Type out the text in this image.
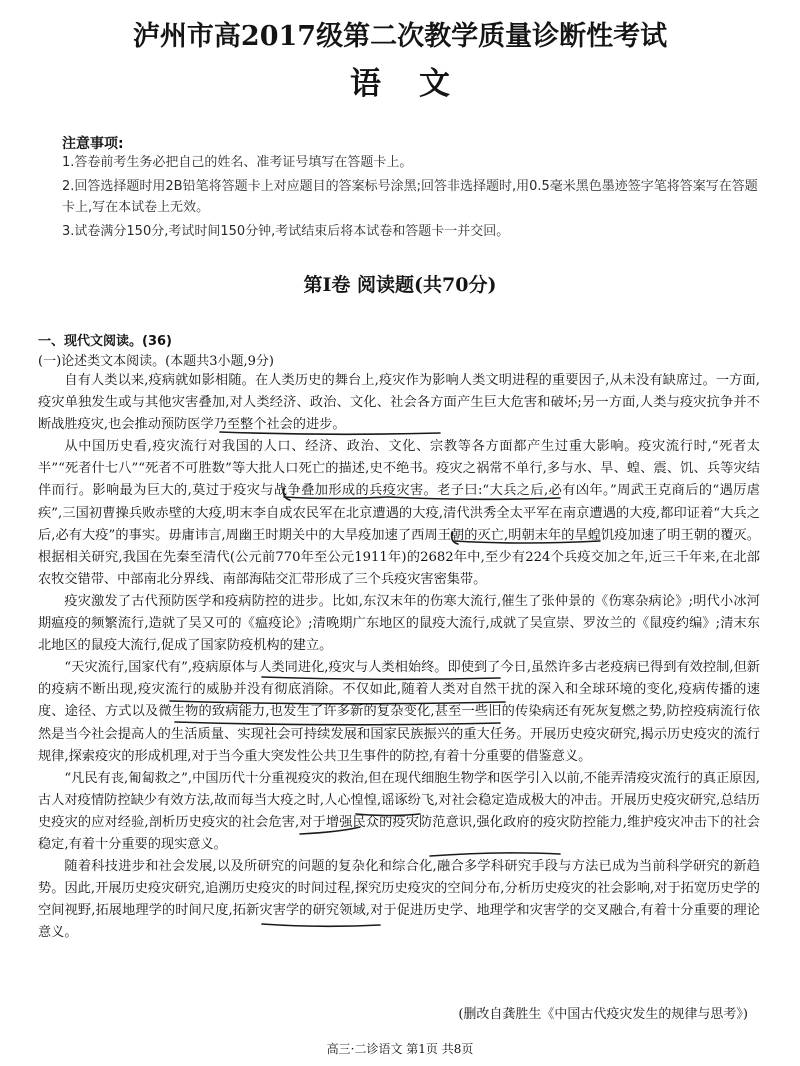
泸州市高2017级第二次教学质量诊断性考试
语文
注意事项:
1.答卷前考生务必把自己的姓名、准考证号填写在答题卡上。
2.回答选择题时用2B铅笔将答题卡上对应题目的答案标号涂黑;回答非选择题时,用0.5毫米黑色墨迹签字笔将答案写在答题卡上,写在本试卷上无效。
3.试卷满分150分,考试时间150分钟,考试结束后将本试卷和答题卡一并交回。
第Ⅰ卷 阅读题(共70分)
一、现代文阅读。(36)
(一)论述类文本阅读。(本题共3小题,9分)

自有人类以来,疫病就如影相随。在人类历史的舞台上,疫灾作为影响人类文明进程的重要因子,从未没有缺席过。一方面,疫灾单独发生或与其他灾害叠加,对人类经济、政治、文化、社会各方面产生巨大危害和破坏;另一方面,人类与疫灾抗争并不断战胜疫灾,也会推动预防医学乃至整个社会的进步。

从中国历史看,疫灾流行对我国的人口、经济、政治、文化、宗教等各方面都产生过重大影响。疫灾流行时,“死者太半”“死者什七八”“死者不可胜数”等大批人口死亡的描述,史不绝书。疫灾之祸常不单行,多与水、旱、蝗、震、饥、兵等灾结伴而行。影响最为巨大的,莫过于疫灾与战争叠加形成的兵疫灾害。老子曰:“大兵之后,必有凶年。”周武王克商后的“遇厉虐疾”,三国初曹操兵败赤壁的大疫,明末李自成农民军在北京遭遇的大疫,清代洪秀全太平军在南京遭遇的大疫,都印证着“大兵之后,必有大疫”的事实。毋庸讳言,周幽王时期关中的大旱疫加速了西周王朝的灭亡,明朝末年的旱蝗饥疫加速了明王朝的覆灭。根据相关研究,我国在先秦至清代(公元前770年至公元1911年)的2682年中,至少有224个兵疫交加之年,近三千年来,在北部农牧交错带、中部南北分界线、南部海陆交汇带形成了三个兵疫灾害密集带。

疫灾激发了古代预防医学和疫病防控的进步。比如,东汉末年的伤寒大流行,催生了张仲景的《伤寒杂病论》;明代小冰河期瘟疫的频繁流行,造就了吴又可的《瘟疫论》;清晚期广东地区的鼠疫大流行,成就了吴宣崇、罗汝兰的《鼠疫约编》;清末东北地区的鼠疫大流行,促成了国家防疫机构的建立。

“天灾流行,国家代有”,疫病原体与人类同进化,疫灾与人类相始终。即使到了今日,虽然许多古老疫病已得到有效控制,但新的疫病不断出现,疫灾流行的威胁并没有彻底消除。不仅如此,随着人类对自然干扰的深入和全球环境的变化,疫病传播的速度、途径、方式以及微生物的致病能力,也发生了许多新的复杂变化,甚至一些旧的传染病还有死灰复燃之势,防控疫病流行依然是当今社会提高人的生活质量、实现社会可持续发展和国家民族振兴的重大任务。开展历史疫灾研究,揭示历史疫灾的流行规律,探索疫灾的形成机理,对于当今重大突发性公共卫生事件的防控,有着十分重要的借鉴意义。

“凡民有丧,匍匐救之”,中国历代十分重视疫灾的救治,但在现代细胞生物学和医学引入以前,不能弄清疫灾流行的真正原因,古人对疫情防控缺少有效方法,故而每当大疫之时,人心惶惶,谣诼纷飞,对社会稳定造成极大的冲击。开展历史疫灾研究,总结历史疫灾的应对经验,剖析历史疫灾的社会危害,对于增强民众的疫灾防范意识,强化政府的疫灾防控能力,维护疫灾冲击下的社会稳定,有着十分重要的现实意义。

随着科技进步和社会发展,以及所研究的问题的复杂化和综合化,融合多学科研究手段与方法已成为当前科学研究的新趋势。因此,开展历史疫灾研究,追溯历史疫灾的时间过程,探究历史疫灾的空间分布,分析历史疫灾的社会影响,对于拓宽历史学的空间视野,拓展地理学的时间尺度,拓新灾害学的研究领域,对于促进历史学、地理学和灾害学的交叉融合,有着十分重要的理论意义。

(删改自龚胜生《中国古代疫灾发生的规律与思考》)
高三·二诊语文 第1页 共8页
